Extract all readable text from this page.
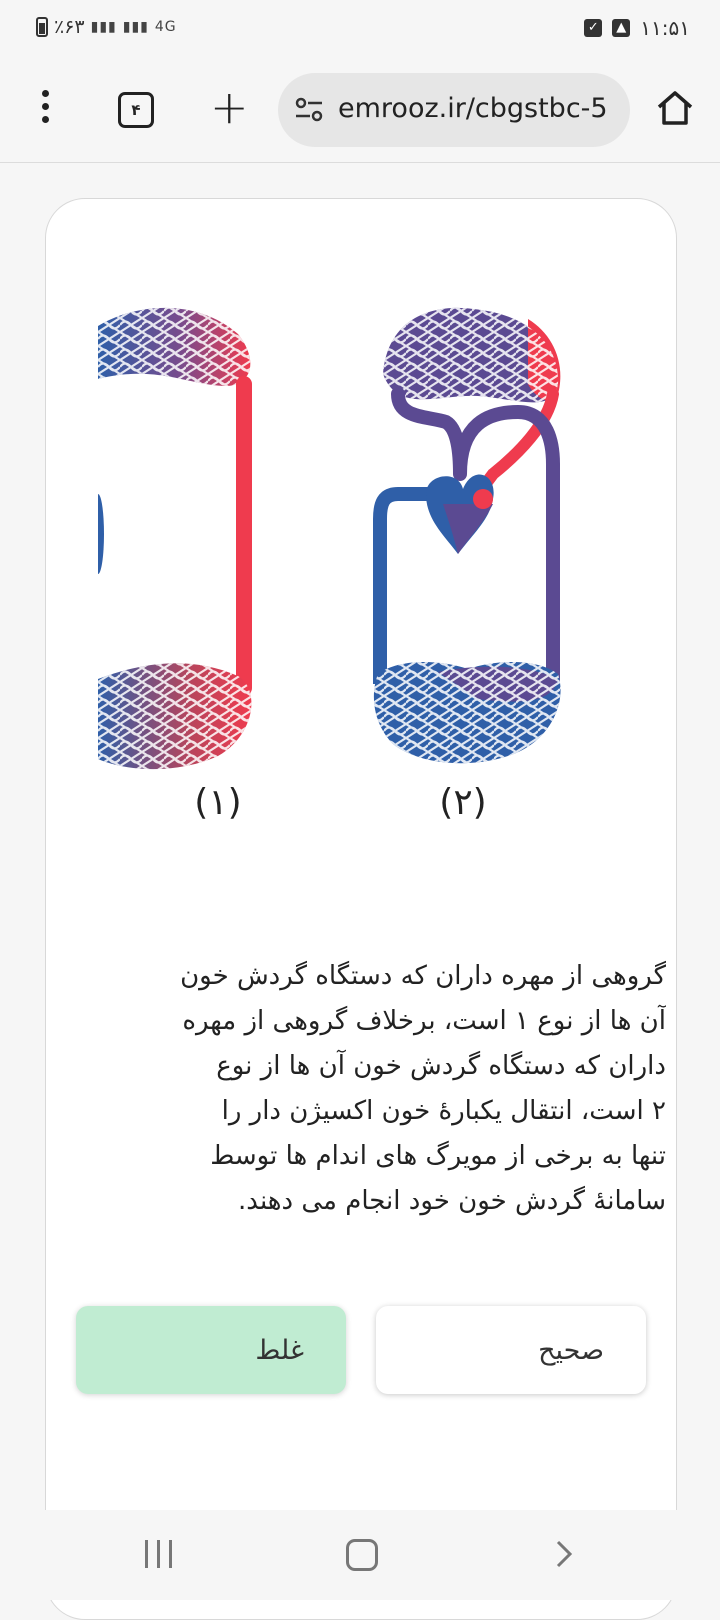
٪۶۳ ▮▮▮ ▮▮▮ 4G	✓	▲ ۱۱:۵۱
۴ +	emrooz.ir/cbgstbc-5
(۱)	(۲)
گروهی از مهره داران که دستگاه گردش خون
آن ها از نوع ۱ است، برخلاف گروهی از مهره
داران که دستگاه گردش خون آن ها از نوع
۲ است، انتقال یکبارۀ خون اکسیژن دار را
تنها به برخی از مویرگ های اندام ها توسط
سامانۀ گردش خون خود انجام می دهند.
صحیح
غلط
